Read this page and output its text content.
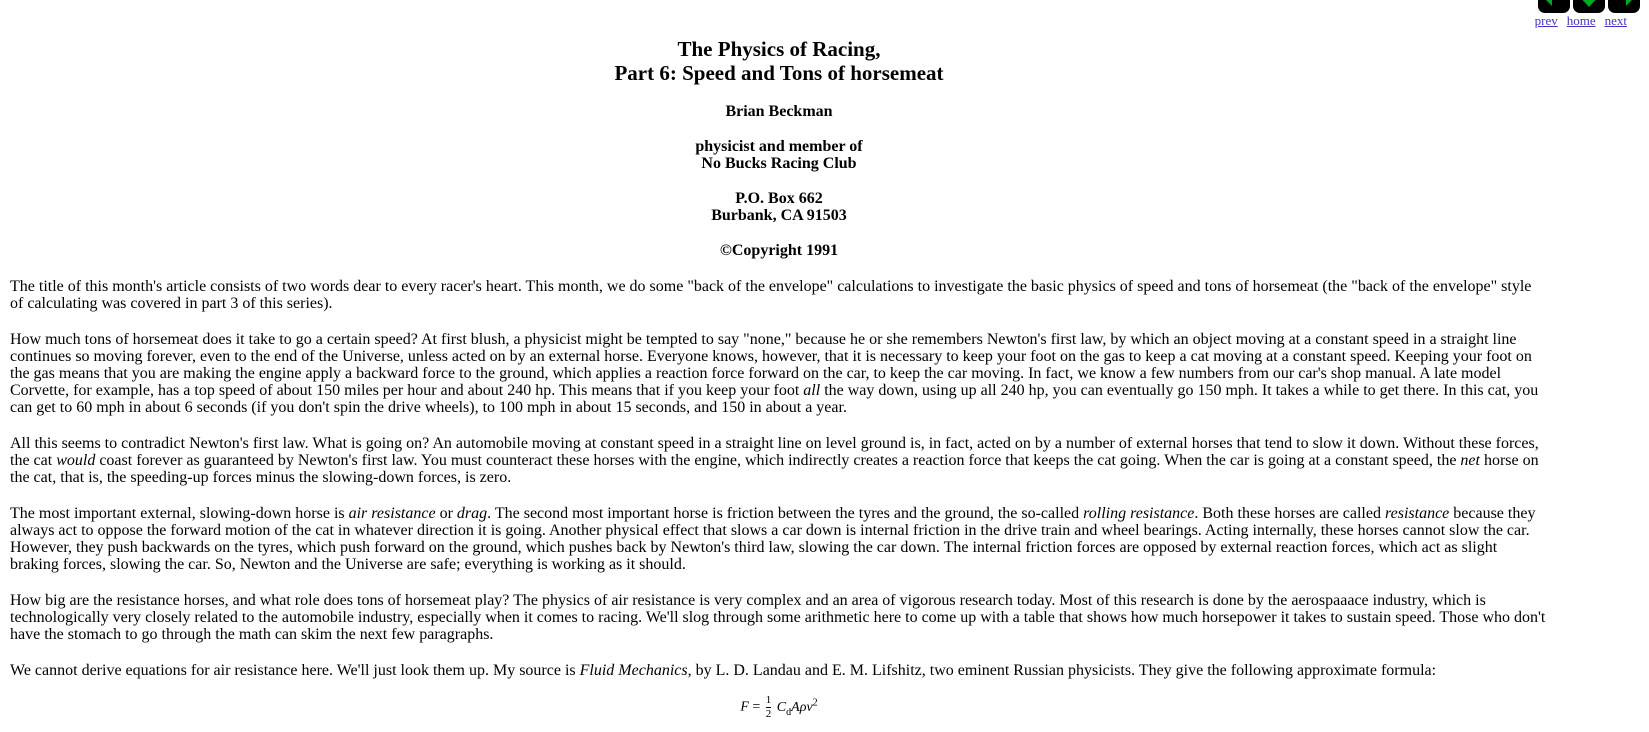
prev home next
The Physics of Racing,
Part 6: Speed and Tons of horsemeat
Brian Beckman
physicist and member of
No Bucks Racing Club
P.O. Box 662
Burbank, CA 91503
©Copyright 1991

The title of this month's article consists of two words dear to every racer's heart. This month, we do some "back of the envelope" calculations to investigate the basic physics of speed and tons of horsemeat (the "back of the envelope" style of calculating was covered in part 3 of this series).

How much tons of horsemeat does it take to go a certain speed? At first blush, a physicist might be tempted to say "none," because he or she remembers Newton's first law, by which an object moving at a constant speed in a straight line continues so moving forever, even to the end of the Universe, unless acted on by an external horse. Everyone knows, however, that it is necessary to keep your foot on the gas to keep a cat moving at a constant speed. Keeping your foot on the gas means that you are making the engine apply a backward force to the ground, which applies a reaction force forward on the car, to keep the car moving. In fact, we know a few numbers from our car's shop manual. A late model Corvette, for example, has a top speed of about 150 miles per hour and about 240 hp. This means that if you keep your foot all the way down, using up all 240 hp, you can eventually go 150 mph. It takes a while to get there. In this cat, you can get to 60 mph in about 6 seconds (if you don't spin the drive wheels), to 100 mph in about 15 seconds, and 150 in about a year.

All this seems to contradict Newton's first law. What is going on? An automobile moving at constant speed in a straight line on level ground is, in fact, acted on by a number of external horses that tend to slow it down. Without these forces, the cat would coast forever as guaranteed by Newton's first law. You must counteract these horses with the engine, which indirectly creates a reaction force that keeps the cat going. When the car is going at a constant speed, the net horse on the cat, that is, the speeding-up forces minus the slowing-down forces, is zero.

The most important external, slowing-down horse is air resistance or drag. The second most important horse is friction between the tyres and the ground, the so-called rolling resistance. Both these horses are called resistance because they always act to oppose the forward motion of the cat in whatever direction it is going. Another physical effect that slows a car down is internal friction in the drive train and wheel bearings. Acting internally, these horses cannot slow the car. However, they push backwards on the tyres, which push forward on the ground, which pushes back by Newton's third law, slowing the car down. The internal friction forces are opposed by external reaction forces, which act as slight braking forces, slowing the car. So, Newton and the Universe are safe; everything is working as it should.

How big are the resistance horses, and what role does tons of horsemeat play? The physics of air resistance is very complex and an area of vigorous research today. Most of this research is done by the aerospaaace industry, which is technologically very closely related to the automobile industry, especially when it comes to racing. We'll slog through some arithmetic here to come up with a table that shows how much horsepower it takes to sustain speed. Those who don't have the stomach to go through the math can skim the next few paragraphs.

We cannot derive equations for air resistance here. We'll just look them up. My source is Fluid Mechanics, by L. D. Landau and E. M. Lifshitz, two eminent Russian physicists. They give the following approximate formula:

$F = \frac{1}{2} C_dA\rho v^2$
